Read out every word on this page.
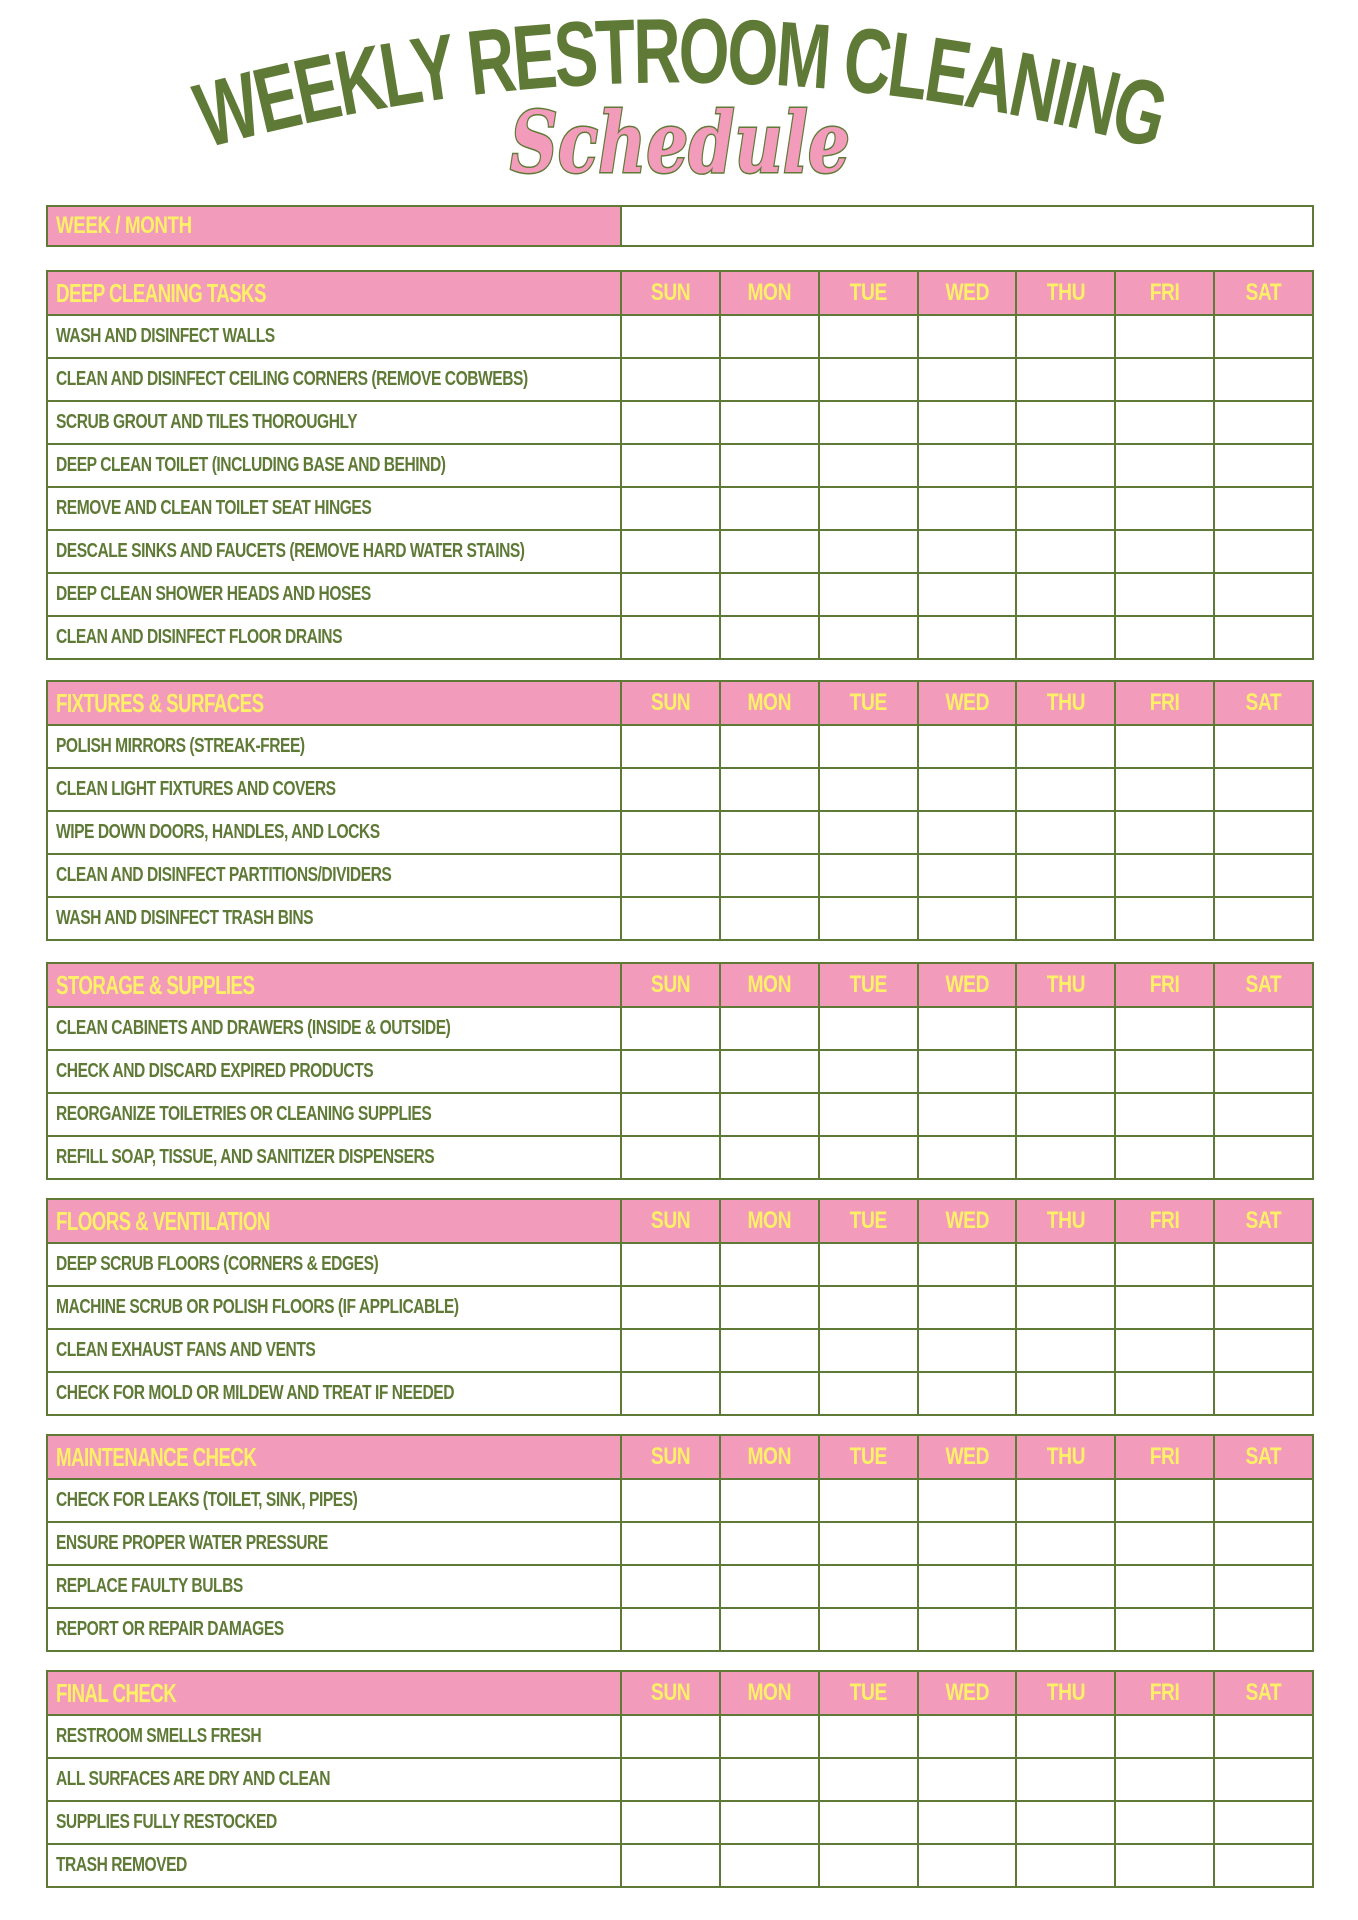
WEEKLY RESTROOM CLEANING
Schedule
WEEK / MONTH
DEEP CLEANING TASKS	SUN MON TUE WED THU	FRI	SAT
WASH AND DISINFECT WALLS
CLEAN AND DISINFECT CEILING CORNERS (REMOVE COBWEBS)
SCRUB GROUT AND TILES THOROUGHLY
DEEP CLEAN TOILET (INCLUDING BASE AND BEHIND)
REMOVE AND CLEAN TOILET SEAT HINGES
DESCALE SINKS AND FAUCETS (REMOVE HARD WATER STAINS)
DEEP CLEAN SHOWER HEADS AND HOSES
CLEAN AND DISINFECT FLOOR DRAINS
FIXTURES & SURFACES	SUN MON TUE WED THU	FRI	SAT
POLISH MIRRORS (STREAK-FREE)
CLEAN LIGHT FIXTURES AND COVERS
WIPE DOWN DOORS, HANDLES, AND LOCKS
CLEAN AND DISINFECT PARTITIONS/DIVIDERS
WASH AND DISINFECT TRASH BINS
STORAGE & SUPPLIES	SUN MON TUE WED THU	FRI	SAT
CLEAN CABINETS AND DRAWERS (INSIDE & OUTSIDE)
CHECK AND DISCARD EXPIRED PRODUCTS
REORGANIZE TOILETRIES OR CLEANING SUPPLIES
REFILL SOAP, TISSUE, AND SANITIZER DISPENSERS
FLOORS & VENTILATION	SUN MON TUE WED THU	FRI	SAT
DEEP SCRUB FLOORS (CORNERS & EDGES)
MACHINE SCRUB OR POLISH FLOORS (IF APPLICABLE)
CLEAN EXHAUST FANS AND VENTS
CHECK FOR MOLD OR MILDEW AND TREAT IF NEEDED
MAINTENANCE CHECK	SUN MON TUE WED THU	FRI	SAT
CHECK FOR LEAKS (TOILET, SINK, PIPES)
ENSURE PROPER WATER PRESSURE
REPLACE FAULTY BULBS
REPORT OR REPAIR DAMAGES
FINAL CHECK	SUN MON TUE WED THU	FRI	SAT
RESTROOM SMELLS FRESH
ALL SURFACES ARE DRY AND CLEAN
SUPPLIES FULLY RESTOCKED
TRASH REMOVED
